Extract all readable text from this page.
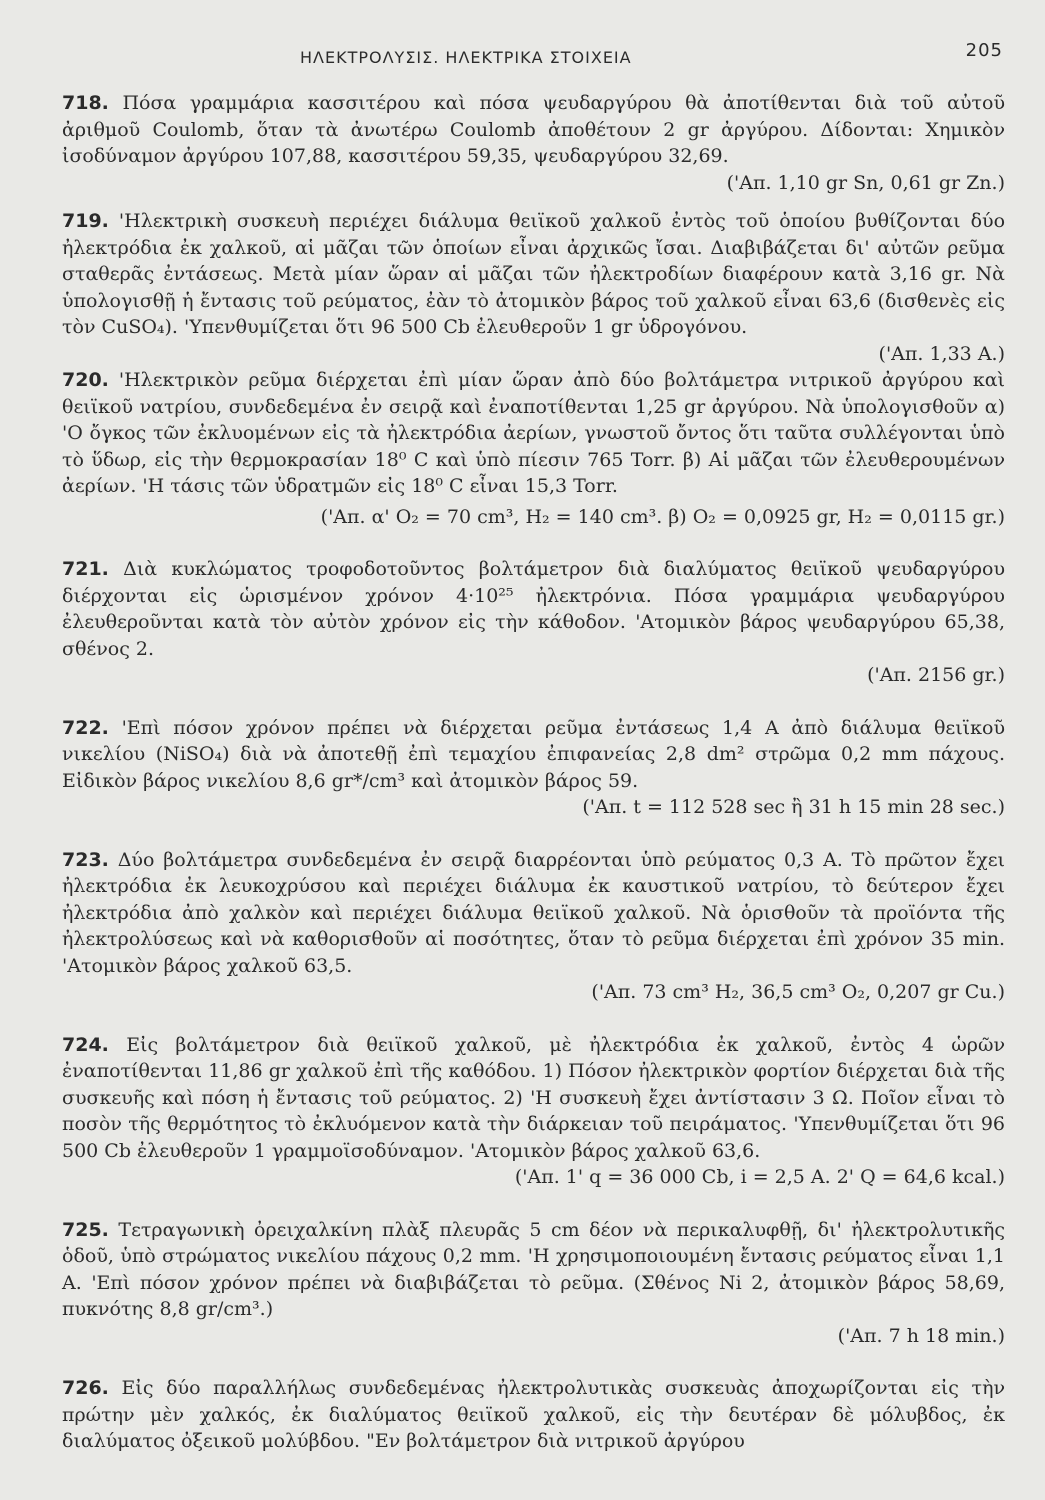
ΗΛΕΚΤΡΟΛΥΣΙΣ. ΗΛΕΚΤΡΙΚΑ ΣΤΟΙΧΕΙΑ	205
718. Πόσα γραμμάρια κασσιτέρου καὶ πόσα ψευδαργύρου θὰ ἀποτίθενται διὰ τοῦ αὐτοῦ ἀριθμοῦ Coulomb, ὅταν τὰ ἀνωτέρω Coulomb ἀποθέτουν 2 gr ἀργύρου. Δίδονται: Χημικὸν ἰσοδύναμον ἀργύρου 107,88, κασσιτέρου 59,35, ψευδαργύρου 32,69.
('Απ. 1,10 gr Sn, 0,61 gr Zn.)
719. 'Ηλεκτρικὴ συσκευὴ περιέχει διάλυμα θειϊκοῦ χαλκοῦ ἐντὸς τοῦ ὁποίου βυθίζονται δύο ἠλεκτρόδια ἐκ χαλκοῦ, αἱ μᾶζαι τῶν ὁποίων εἶναι ἀρχικῶς ἴσαι. Διαβιβάζεται δι' αὐτῶν ρεῦμα σταθερᾶς ἐντάσεως. Μετὰ μίαν ὥραν αἱ μᾶζαι τῶν ἠλεκτροδίων διαφέρουν κατὰ 3,16 gr. Νὰ ὑπολογισθῇ ἡ ἔντασις τοῦ ρεύματος, ἐὰν τὸ ἀτομικὸν βάρος τοῦ χαλκοῦ εἶναι 63,6 (δισθενὲς εἰς τὸν CuSO₄). 'Υπενθυμίζεται ὅτι 96 500 Cb ἐλευθεροῦν 1 gr ὑδρογόνου.
('Απ. 1,33 A.)
720. 'Ηλεκτρικὸν ρεῦμα διέρχεται ἐπὶ μίαν ὥραν ἀπὸ δύο βολτάμετρα νιτρικοῦ ἀργύρου καὶ θειϊκοῦ νατρίου, συνδεδεμένα ἐν σειρᾷ καὶ ἐναποτίθενται 1,25 gr ἀργύρου. Νὰ ὑπολογισθοῦν α) 'Ο ὄγκος τῶν ἐκλυομένων εἰς τὰ ἠλεκτρόδια ἀερίων, γνωστοῦ ὄντος ὅτι ταῦτα συλλέγονται ὑπὸ τὸ ὕδωρ, εἰς τὴν θερμοκρασίαν 18⁰ C καὶ ὑπὸ πίεσιν 765 Torr. β) Αἱ μᾶζαι τῶν ἐλευθερουμένων ἀερίων. 'Η τάσις τῶν ὑδρατμῶν εἰς 18⁰ C εἶναι 15,3 Torr.
('Απ. α' O₂ = 70 cm³, H₂ = 140 cm³. β) O₂ = 0,0925 gr, H₂ = 0,0115 gr.)
721. Διὰ κυκλώματος τροφοδοτοῦντος βολτάμετρον διὰ διαλύματος θειϊκοῦ ψευδαργύρου διέρχονται εἰς ὡρισμένον χρόνον 4·10²⁵ ἠλεκτρόνια. Πόσα γραμμάρια ψευδαργύρου ἐλευθεροῦνται κατὰ τὸν αὐτὸν χρόνον εἰς τὴν κάθοδον. 'Ατομικὸν βάρος ψευδαργύρου 65,38, σθένος 2.
('Απ. 2156 gr.)
722. 'Επὶ πόσον χρόνον πρέπει νὰ διέρχεται ρεῦμα ἐντάσεως 1,4 A ἀπὸ διάλυμα θειϊκοῦ νικελίου (NiSO₄) διὰ νὰ ἀποτεθῇ ἐπὶ τεμαχίου ἐπιφανείας 2,8 dm² στρῶμα 0,2 mm πάχους. Εἰδικὸν βάρος νικελίου 8,6 gr*/cm³ καὶ ἀτομικὸν βάρος 59.
('Απ. t = 112 528 sec ἢ 31 h 15 min 28 sec.)
723. Δύο βολτάμετρα συνδεδεμένα ἐν σειρᾷ διαρρέονται ὑπὸ ρεύματος 0,3 A. Τὸ πρῶτον ἔχει ἠλεκτρόδια ἐκ λευκοχρύσου καὶ περιέχει διάλυμα ἐκ καυστικοῦ νατρίου, τὸ δεύτερον ἔχει ἠλεκτρόδια ἀπὸ χαλκὸν καὶ περιέχει διάλυμα θειϊκοῦ χαλκοῦ. Νὰ ὁρισθοῦν τὰ προϊόντα τῆς ἠλεκτρολύσεως καὶ νὰ καθορισθοῦν αἱ ποσότητες, ὅταν τὸ ρεῦμα διέρχεται ἐπὶ χρόνον 35 min. 'Ατομικὸν βάρος χαλκοῦ 63,5.
('Απ. 73 cm³ H₂, 36,5 cm³ O₂, 0,207 gr Cu.)
724. Εἰς βολτάμετρον διὰ θειϊκοῦ χαλκοῦ, μὲ ἠλεκτρόδια ἐκ χαλκοῦ, ἐντὸς 4 ὡρῶν ἐναποτίθενται 11,86 gr χαλκοῦ ἐπὶ τῆς καθόδου. 1) Πόσον ἠλεκτρικὸν φορτίον διέρχεται διὰ τῆς συσκευῆς καὶ πόση ἡ ἔντασις τοῦ ρεύματος. 2) 'Η συσκευὴ ἔχει ἀντίστασιν 3 Ω. Ποῖον εἶναι τὸ ποσὸν τῆς θερμότητος τὸ ἐκλυόμενον κατὰ τὴν διάρκειαν τοῦ πειράματος. 'Υπενθυμίζεται ὅτι 96 500 Cb ἐλευθεροῦν 1 γραμμοϊσοδύναμον. 'Ατομικὸν βάρος χαλκοῦ 63,6.
('Απ. 1' q = 36 000 Cb, i = 2,5 A. 2' Q = 64,6 kcal.)
725. Τετραγωνικὴ ὀρειχαλκίνη πλὰξ πλευρᾶς 5 cm δέον νὰ περικαλυφθῇ, δι' ἠλεκτρολυτικῆς ὁδοῦ, ὑπὸ στρώματος νικελίου πάχους 0,2 mm. 'Η χρησιμοποιουμένη ἔντασις ρεύματος εἶναι 1,1 A. 'Επὶ πόσον χρόνον πρέπει νὰ διαβιβάζεται τὸ ρεῦμα. (Σθένος Ni 2, ἀτομικὸν βάρος 58,69, πυκνότης 8,8 gr/cm³.)
('Απ. 7 h 18 min.)
726. Εἰς δύο παραλλήλως συνδεδεμένας ἠλεκτρολυτικὰς συσκευὰς ἀποχωρίζονται εἰς τὴν πρώτην μὲν χαλκός, ἐκ διαλύματος θειϊκοῦ χαλκοῦ, εἰς τὴν δευτέραν δὲ μόλυβδος, ἐκ διαλύματος ὀξεικοῦ μολύβδου. "Εν βολτάμετρον διὰ νιτρικοῦ ἀργύρου
